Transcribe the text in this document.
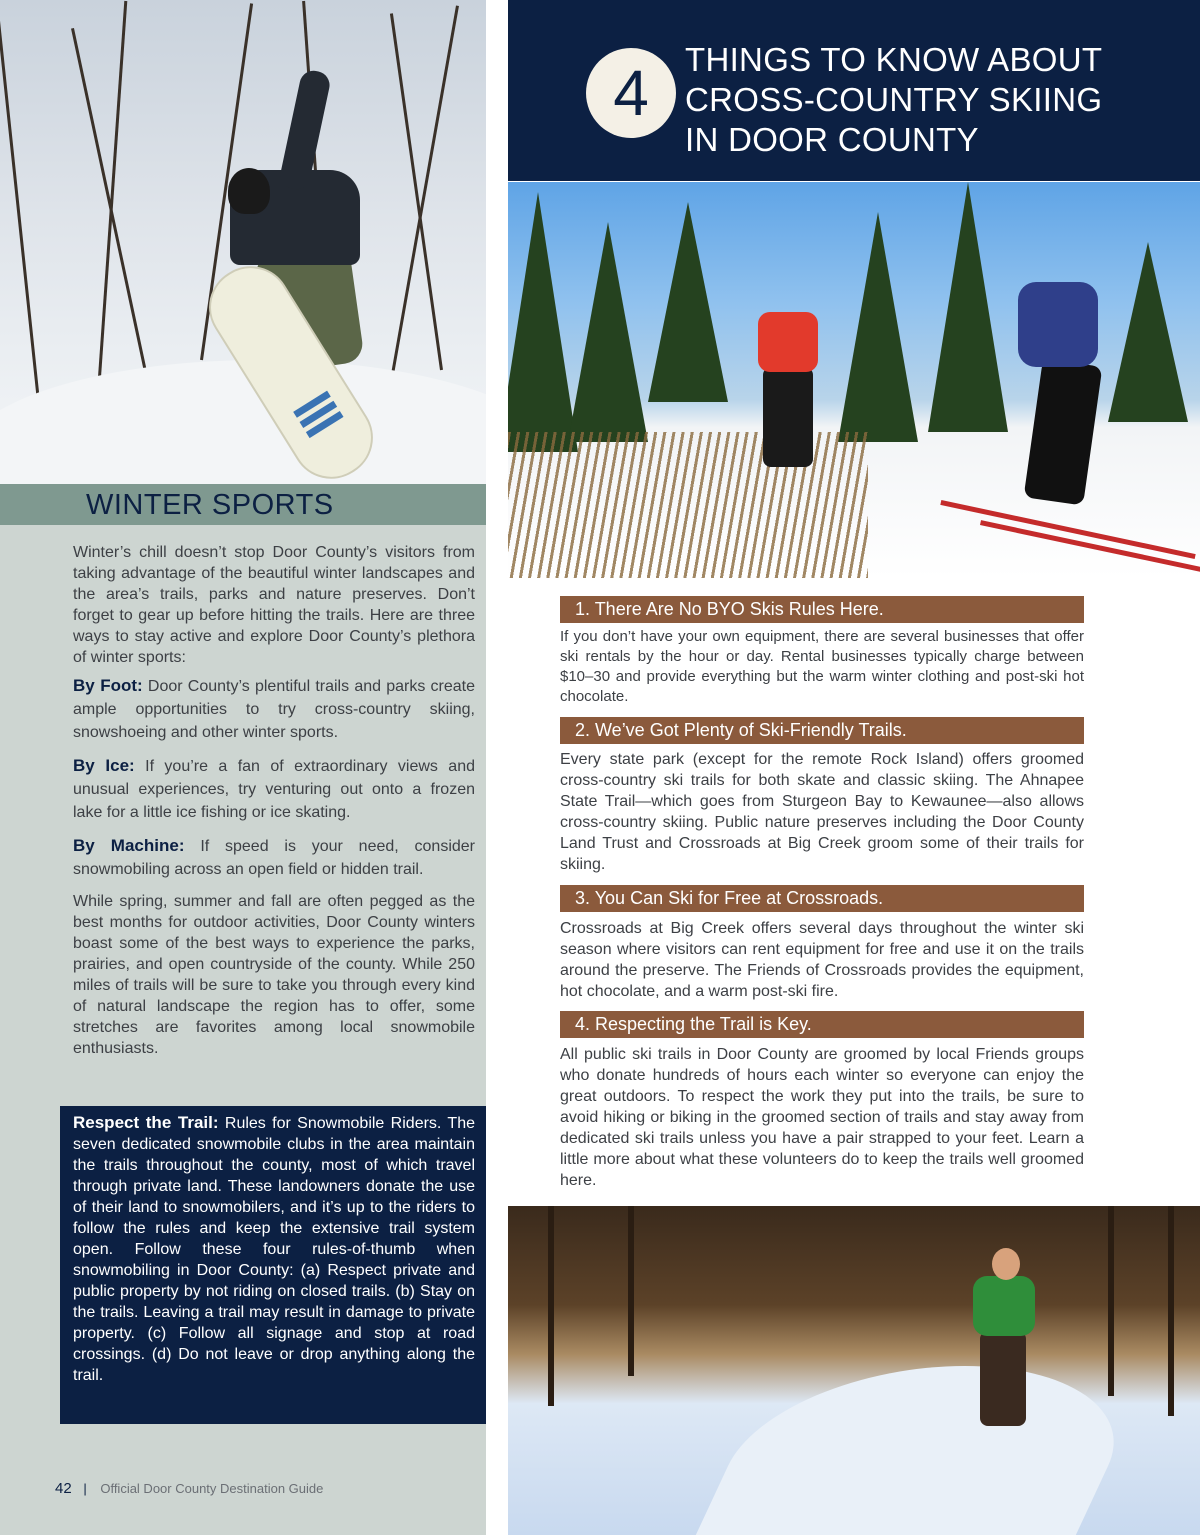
4	THINGS TO KNOW ABOUT
CROSS-COUNTRY SKIING
IN DOOR COUNTY
WINTER SPORTS

Winter’s chill doesn’t stop Door County’s visitors from taking advantage of the beautiful winter landscapes and the area’s trails, parks and nature preserves. Don’t forget to gear up before hitting the trails. Here are three ways to stay active and explore Door County’s plethora of winter sports:

By Foot: Door County’s plentiful trails and parks create ample opportunities to try cross-country skiing, snowshoeing and other winter sports.

By Ice: If you’re a fan of extraordinary views and unusual experiences, try venturing out onto a frozen lake for a little ice fishing or ice skating.

By Machine: If speed is your need, consider snowmobiling across an open field or hidden trail.

While spring, summer and fall are often pegged as the best months for outdoor activities, Door County winters boast some of the best ways to experience the parks, prairies, and open countryside of the county. While 250 miles of trails will be sure to take you through every kind of natural landscape the region has to offer, some stretches are favorites among local snowmobile enthusiasts.

Respect the Trail: Rules for Snowmobile Riders. The seven dedicated snowmobile clubs in the area maintain the trails throughout the county, most of which travel through private land. These landowners donate the use of their land to snowmobilers, and it’s up to the riders to follow the rules and keep the extensive trail system open. Follow these four rules-of-thumb when snowmobiling in Door County: (a) Respect private and public property by not riding on closed trails. (b) Stay on the trails. Leaving a trail may result in damage to private property. (c) Follow all signage and stop at road crossings. (d) Do not leave or drop anything along the trail.
1. There Are No BYO Skis Rules Here.

If you don’t have your own equipment, there are several businesses that offer ski rentals by the hour or day. Rental businesses typically charge between $10–30 and provide everything but the warm winter clothing and post-ski hot chocolate.

2. We’ve Got Plenty of Ski-Friendly Trails.

Every state park (except for the remote Rock Island) offers groomed cross-country ski trails for both skate and classic skiing. The Ahnapee State Trail—which goes from Sturgeon Bay to Kewaunee—also allows cross-country skiing. Public nature preserves including the Door County Land Trust and Crossroads at Big Creek groom some of their trails for skiing.

3. You Can Ski for Free at Crossroads.

Crossroads at Big Creek offers several days throughout the winter ski season where visitors can rent equipment for free and use it on the trails around the preserve. The Friends of Crossroads provides the equipment, hot chocolate, and a warm post-ski fire.

4. Respecting the Trail is Key.

All public ski trails in Door County are groomed by local Friends groups who donate hundreds of hours each winter so everyone can enjoy the great outdoors. To respect the work they put into the trails, be sure to avoid hiking or biking in the groomed section of trails and stay away from dedicated ski trails unless you have a pair strapped to your feet. Learn a little more about what these volunteers do to keep the trails well groomed here.

42 | Official Door County Destination Guide
